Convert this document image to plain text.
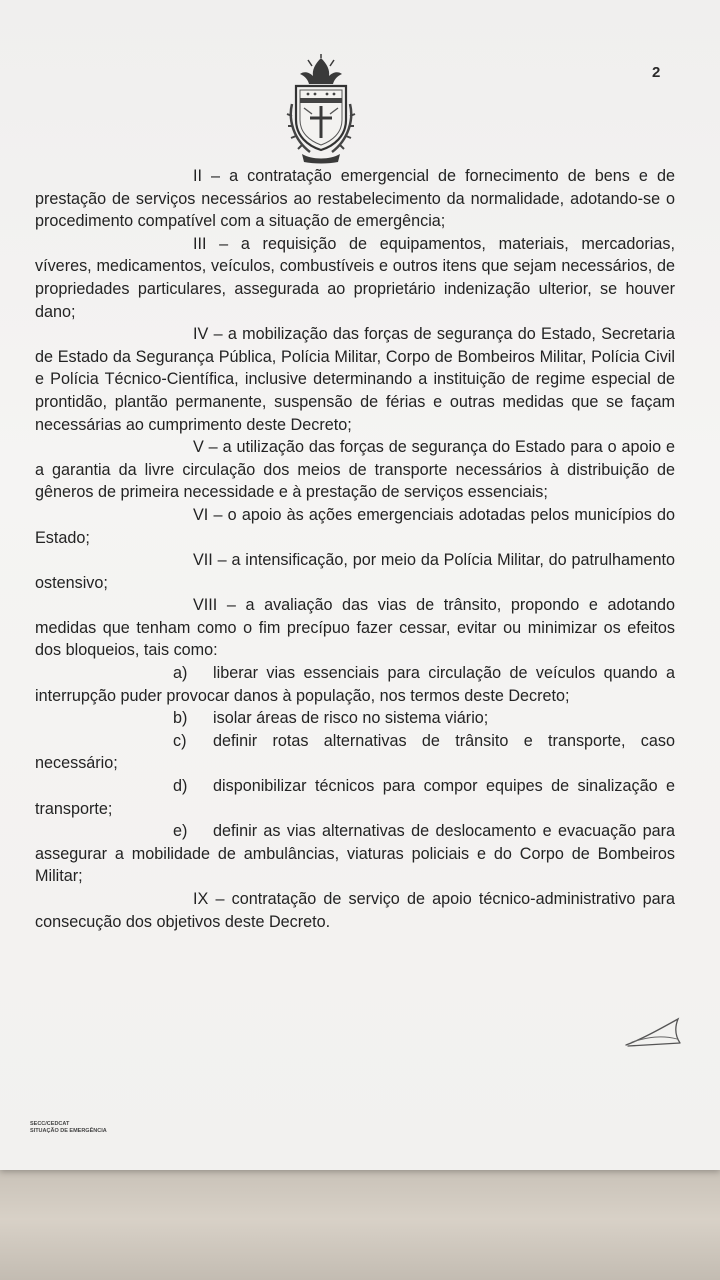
2

II – a contratação emergencial de fornecimento de bens e de prestação de serviços necessários ao restabelecimento da normalidade, adotando-se o procedimento compatível com a situação de emergência;

III – a requisição de equipamentos, materiais, mercadorias, víveres, medicamentos, veículos, combustíveis e outros itens que sejam necessários, de propriedades particulares, assegurada ao proprietário indenização ulterior, se houver dano;

IV – a mobilização das forças de segurança do Estado, Secretaria de Estado da Segurança Pública, Polícia Militar, Corpo de Bombeiros Militar, Polícia Civil e Polícia Técnico-Científica, inclusive determinando a instituição de regime especial de prontidão, plantão permanente, suspensão de férias e outras medidas que se façam necessárias ao cumprimento deste Decreto;

V – a utilização das forças de segurança do Estado para o apoio e a garantia da livre circulação dos meios de transporte necessários à distribuição de gêneros de primeira necessidade e à prestação de serviços essenciais;

VI – o apoio às ações emergenciais adotadas pelos municípios do Estado;

VII – a intensificação, por meio da Polícia Militar, do patrulhamento ostensivo;

VIII – a avaliação das vias de trânsito, propondo e adotando medidas que tenham como o fim precípuo fazer cessar, evitar ou minimizar os efeitos dos bloqueios, tais como:

a) liberar vias essenciais para circulação de veículos quando a interrupção puder provocar danos à população, nos termos deste Decreto;

b) isolar áreas de risco no sistema viário;

c) definir rotas alternativas de trânsito e transporte, caso necessário;

d) disponibilizar técnicos para compor equipes de sinalização e transporte;

e) definir as vias alternativas de deslocamento e evacuação para assegurar a mobilidade de ambulâncias, viaturas policiais e do Corpo de Bombeiros Militar;

IX – contratação de serviço de apoio técnico-administrativo para consecução dos objetivos deste Decreto.

SECC/CEDCAT
SITUAÇÃO DE EMERGÊNCIA
